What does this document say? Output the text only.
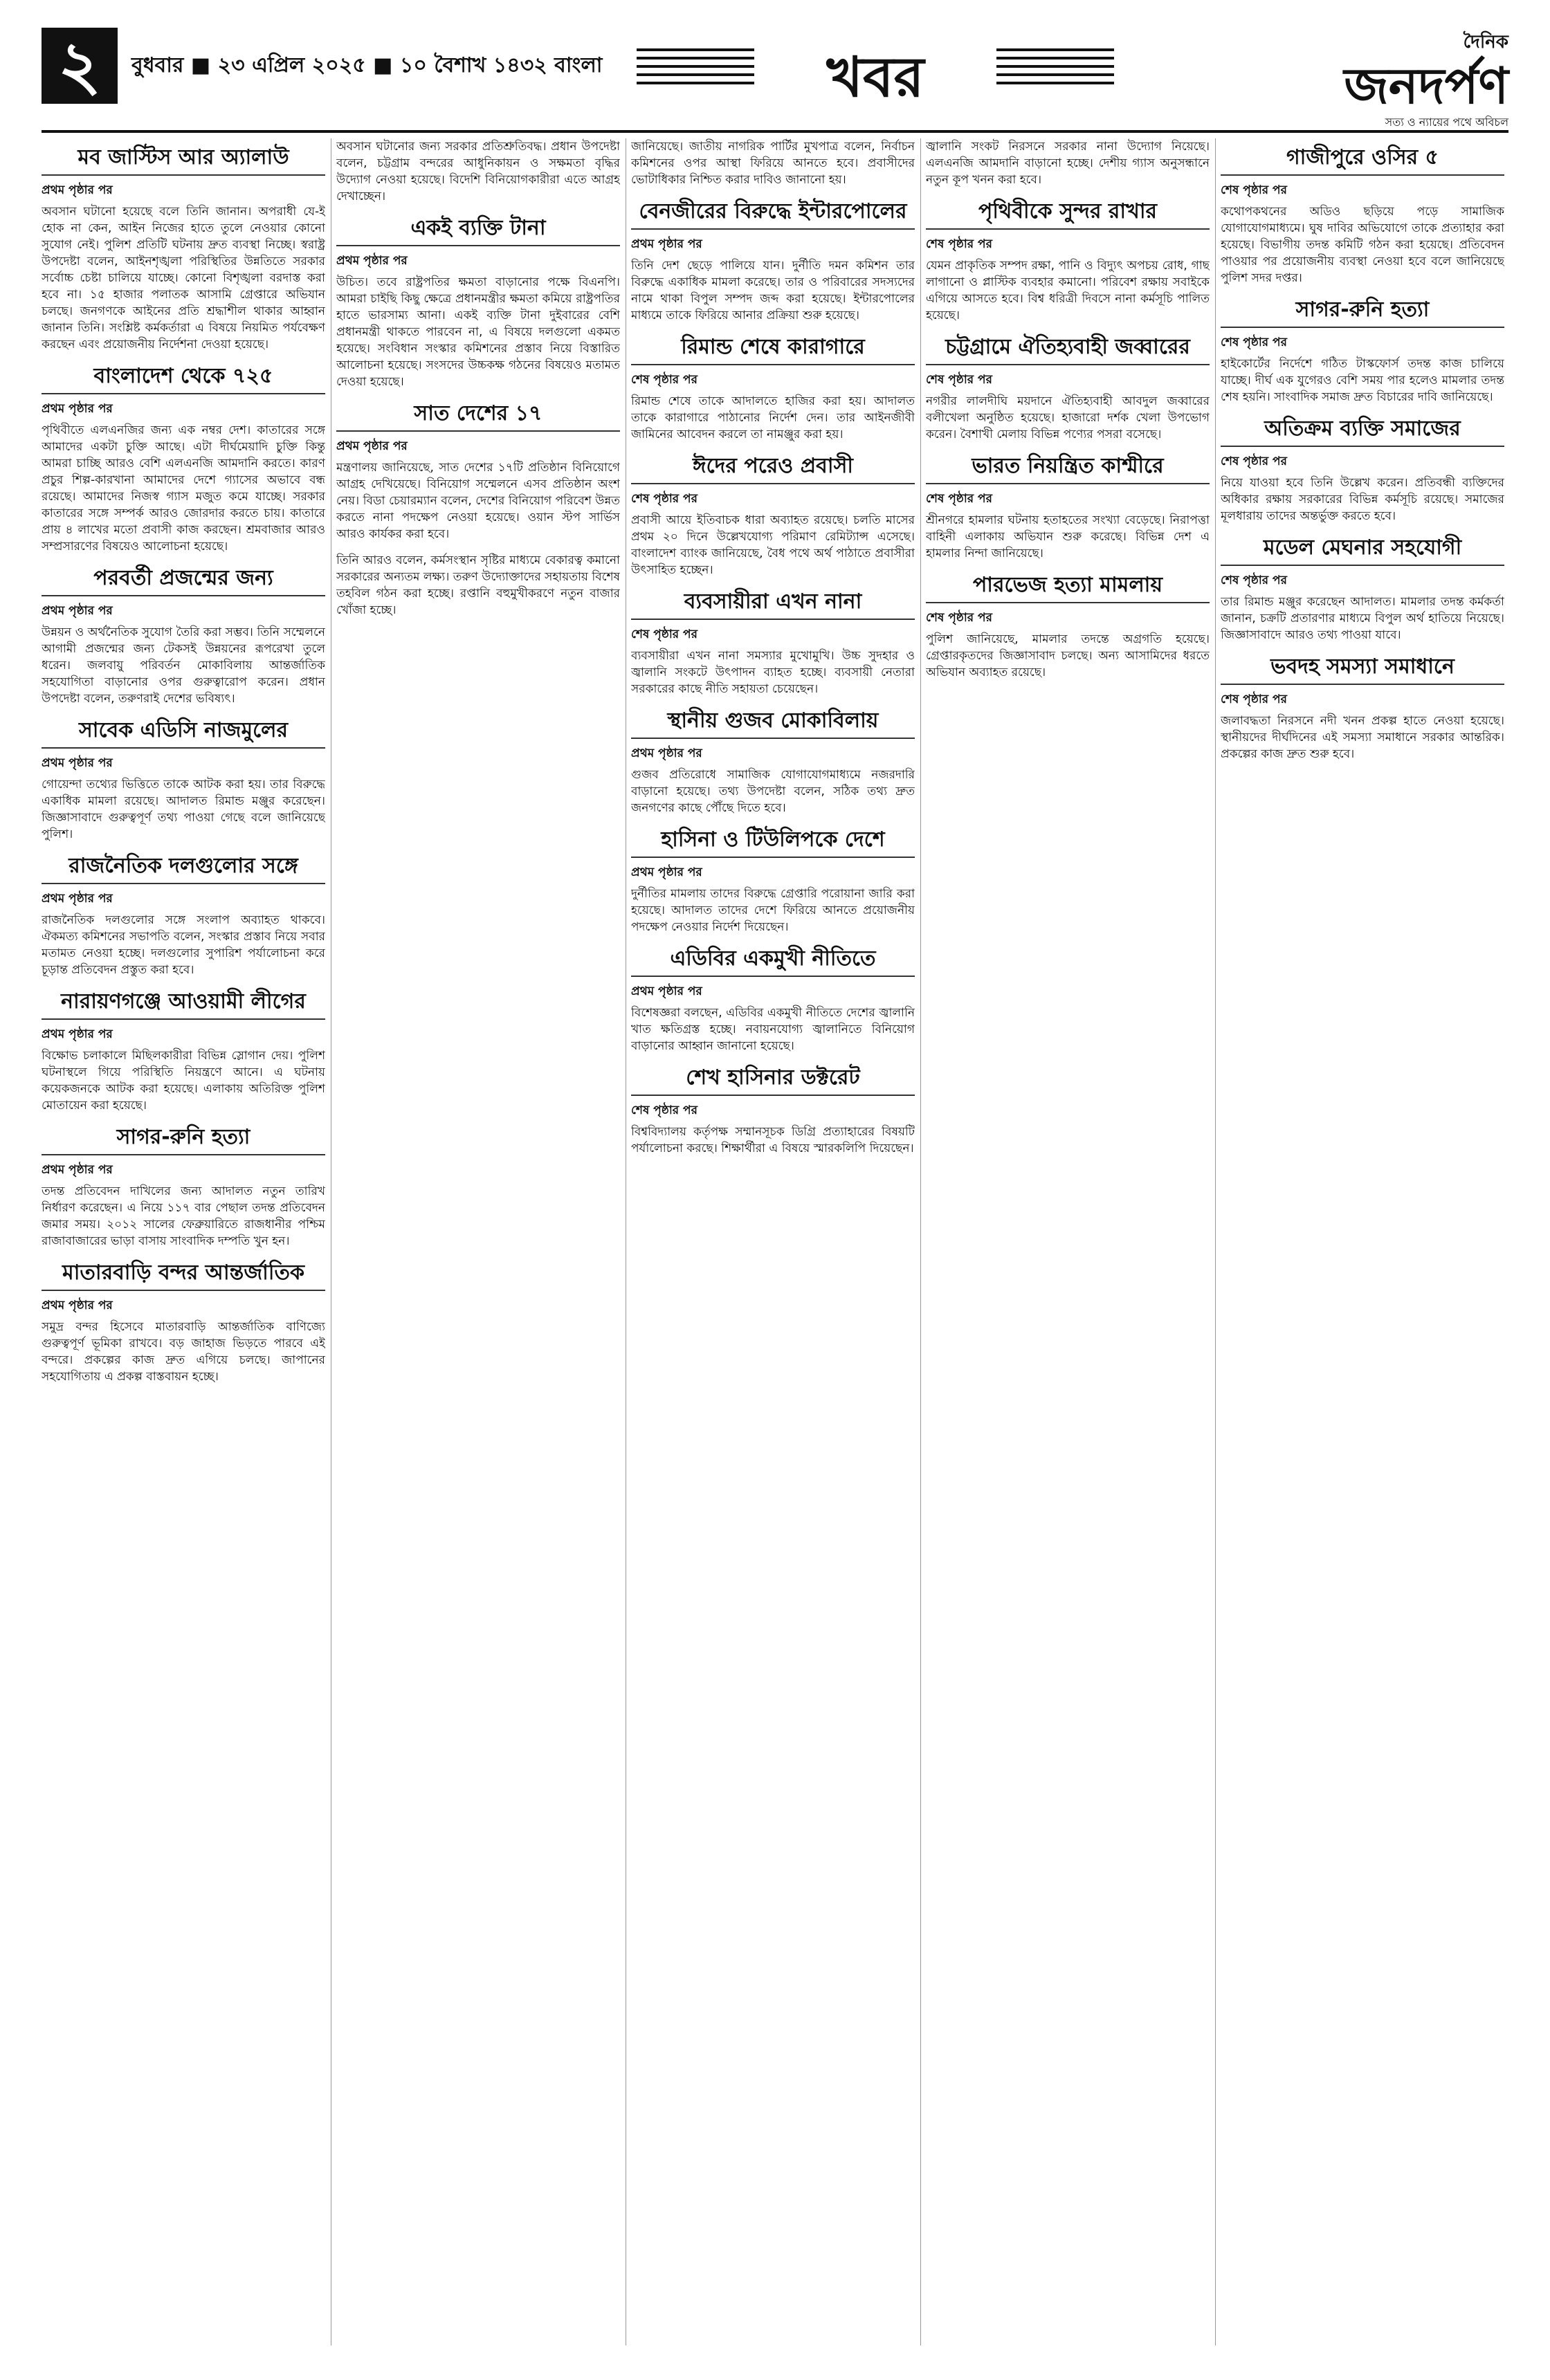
২	বুধবার ■ ২৩ এপ্রিল ২০২৫ ■ ১০ বৈশাখ ১৪৩২ বাংলা	খবর
দৈনিক
জনদর্পণ
সত্য ও ন্যায়ের পথে অবিচল
মব জাস্টিস আর অ্যালাউ
প্রথম পৃষ্ঠার পর
অবসান ঘটানো হয়েছে বলে তিনি জানান। অপরাধী যে-ই হোক না কেন, আইন নিজের হাতে তুলে নেওয়ার কোনো সুযোগ নেই। পুলিশ প্রতিটি ঘটনায় দ্রুত ব্যবস্থা নিচ্ছে। স্বরাষ্ট্র উপদেষ্টা বলেন, আইনশৃঙ্খলা পরিস্থিতির উন্নতিতে সরকার সর্বোচ্চ চেষ্টা চালিয়ে যাচ্ছে। কোনো বিশৃঙ্খলা বরদাস্ত করা হবে না। ১৫ হাজার পলাতক আসামি গ্রেপ্তারে অভিযান চলছে। জনগণকে আইনের প্রতি শ্রদ্ধাশীল থাকার আহ্বান জানান তিনি। সংশ্লিষ্ট কর্মকর্তারা এ বিষয়ে নিয়মিত পর্যবেক্ষণ করছেন এবং প্রয়োজনীয় নির্দেশনা দেওয়া হয়েছে।
বাংলাদেশ থেকে ৭২৫
প্রথম পৃষ্ঠার পর
পৃথিবীতে এলএনজির জন্য এক নম্বর দেশ। কাতারের সঙ্গে আমাদের একটা চুক্তি আছে। এটা দীর্ঘমেয়াদি চুক্তি কিন্তু আমরা চাচ্ছি আরও বেশি এলএনজি আমদানি করতে। কারণ প্রচুর শিল্প-কারখানা আমাদের দেশে গ্যাসের অভাবে বন্ধ রয়েছে। আমাদের নিজস্ব গ্যাস মজুত কমে যাচ্ছে। সরকার কাতারের সঙ্গে সম্পর্ক আরও জোরদার করতে চায়। কাতারে প্রায় ৪ লাখের মতো প্রবাসী কাজ করছেন। শ্রমবাজার আরও সম্প্রসারণের বিষয়েও আলোচনা হয়েছে।
পরবর্তী প্রজন্মের জন্য
প্রথম পৃষ্ঠার পর
উন্নয়ন ও অর্থনৈতিক সুযোগ তৈরি করা সম্ভব। তিনি সম্মেলনে আগামী প্রজন্মের জন্য টেকসই উন্নয়নের রূপরেখা তুলে ধরেন। জলবায়ু পরিবর্তন মোকাবিলায় আন্তর্জাতিক সহযোগিতা বাড়ানোর ওপর গুরুত্বারোপ করেন। প্রধান উপদেষ্টা বলেন, তরুণরাই দেশের ভবিষ্যৎ।
সাবেক এডিসি নাজমুলের
প্রথম পৃষ্ঠার পর
গোয়েন্দা তথ্যের ভিত্তিতে তাকে আটক করা হয়। তার বিরুদ্ধে একাধিক মামলা রয়েছে। আদালত রিমান্ড মঞ্জুর করেছেন। জিজ্ঞাসাবাদে গুরুত্বপূর্ণ তথ্য পাওয়া গেছে বলে জানিয়েছে পুলিশ।
রাজনৈতিক দলগুলোর সঙ্গে
প্রথম পৃষ্ঠার পর
রাজনৈতিক দলগুলোর সঙ্গে সংলাপ অব্যাহত থাকবে। ঐকমত্য কমিশনের সভাপতি বলেন, সংস্কার প্রস্তাব নিয়ে সবার মতামত নেওয়া হচ্ছে। দলগুলোর সুপারিশ পর্যালোচনা করে চূড়ান্ত প্রতিবেদন প্রস্তুত করা হবে।
নারায়ণগঞ্জে আওয়ামী লীগের
প্রথম পৃষ্ঠার পর
বিক্ষোভ চলাকালে মিছিলকারীরা বিভিন্ন স্লোগান দেয়। পুলিশ ঘটনাস্থলে গিয়ে পরিস্থিতি নিয়ন্ত্রণে আনে। এ ঘটনায় কয়েকজনকে আটক করা হয়েছে। এলাকায় অতিরিক্ত পুলিশ মোতায়েন করা হয়েছে।
সাগর-রুনি হত্যা
প্রথম পৃষ্ঠার পর
তদন্ত প্রতিবেদন দাখিলের জন্য আদালত নতুন তারিখ নির্ধারণ করেছেন। এ নিয়ে ১১৭ বার পেছাল তদন্ত প্রতিবেদন জমার সময়। ২০১২ সালের ফেব্রুয়ারিতে রাজধানীর পশ্চিম রাজাবাজারের ভাড়া বাসায় সাংবাদিক দম্পতি খুন হন।
মাতারবাড়ি বন্দর আন্তর্জাতিক
প্রথম পৃষ্ঠার পর
সমুদ্র বন্দর হিসেবে মাতারবাড়ি আন্তর্জাতিক বাণিজ্যে গুরুত্বপূর্ণ ভূমিকা রাখবে। বড় জাহাজ ভিড়তে পারবে এই বন্দরে। প্রকল্পের কাজ দ্রুত এগিয়ে চলছে। জাপানের সহযোগিতায় এ প্রকল্প বাস্তবায়ন হচ্ছে।
অবসান ঘটানোর জন্য সরকার প্রতিশ্রুতিবদ্ধ। প্রধান উপদেষ্টা বলেন, চট্টগ্রাম বন্দরের আধুনিকায়ন ও সক্ষমতা বৃদ্ধির উদ্যোগ নেওয়া হয়েছে। বিদেশি বিনিয়োগকারীরা এতে আগ্রহ দেখাচ্ছেন।
একই ব্যক্তি টানা
প্রথম পৃষ্ঠার পর
উচিত। তবে রাষ্ট্রপতির ক্ষমতা বাড়ানোর পক্ষে বিএনপি। আমরা চাইছি কিছু ক্ষেত্রে প্রধানমন্ত্রীর ক্ষমতা কমিয়ে রাষ্ট্রপতির হাতে ভারসাম্য আনা। একই ব্যক্তি টানা দুইবারের বেশি প্রধানমন্ত্রী থাকতে পারবেন না, এ বিষয়ে দলগুলো একমত হয়েছে। সংবিধান সংস্কার কমিশনের প্রস্তাব নিয়ে বিস্তারিত আলোচনা হয়েছে। সংসদের উচ্চকক্ষ গঠনের বিষয়েও মতামত দেওয়া হয়েছে।
সাত দেশের ১৭
প্রথম পৃষ্ঠার পর
মন্ত্রণালয় জানিয়েছে, সাত দেশের ১৭টি প্রতিষ্ঠান বিনিয়োগে আগ্রহ দেখিয়েছে। বিনিয়োগ সম্মেলনে এসব প্রতিষ্ঠান অংশ নেয়। বিডা চেয়ারম্যান বলেন, দেশের বিনিয়োগ পরিবেশ উন্নত করতে নানা পদক্ষেপ নেওয়া হয়েছে। ওয়ান স্টপ সার্ভিস আরও কার্যকর করা হবে।
তিনি আরও বলেন, কর্মসংস্থান সৃষ্টির মাধ্যমে বেকারত্ব কমানো সরকারের অন্যতম লক্ষ্য। তরুণ উদ্যোক্তাদের সহায়তায় বিশেষ তহবিল গঠন করা হচ্ছে। রপ্তানি বহুমুখীকরণে নতুন বাজার খোঁজা হচ্ছে।
জানিয়েছে। জাতীয় নাগরিক পার্টির মুখপাত্র বলেন, নির্বাচন কমিশনের ওপর আস্থা ফিরিয়ে আনতে হবে। প্রবাসীদের ভোটাধিকার নিশ্চিত করার দাবিও জানানো হয়।
বেনজীরের বিরুদ্ধে ইন্টারপোলের
প্রথম পৃষ্ঠার পর
তিনি দেশ ছেড়ে পালিয়ে যান। দুর্নীতি দমন কমিশন তার বিরুদ্ধে একাধিক মামলা করেছে। তার ও পরিবারের সদস্যদের নামে থাকা বিপুল সম্পদ জব্দ করা হয়েছে। ইন্টারপোলের মাধ্যমে তাকে ফিরিয়ে আনার প্রক্রিয়া শুরু হয়েছে।
রিমান্ড শেষে কারাগারে
শেষ পৃষ্ঠার পর
রিমান্ড শেষে তাকে আদালতে হাজির করা হয়। আদালত তাকে কারাগারে পাঠানোর নির্দেশ দেন। তার আইনজীবী জামিনের আবেদন করলে তা নামঞ্জুর করা হয়।
ঈদের পরেও প্রবাসী
শেষ পৃষ্ঠার পর
প্রবাসী আয়ে ইতিবাচক ধারা অব্যাহত রয়েছে। চলতি মাসের প্রথম ২০ দিনে উল্লেখযোগ্য পরিমাণ রেমিট্যান্স এসেছে। বাংলাদেশ ব্যাংক জানিয়েছে, বৈধ পথে অর্থ পাঠাতে প্রবাসীরা উৎসাহিত হচ্ছেন।
ব্যবসায়ীরা এখন নানা
শেষ পৃষ্ঠার পর
ব্যবসায়ীরা এখন নানা সমস্যার মুখোমুখি। উচ্চ সুদহার ও জ্বালানি সংকটে উৎপাদন ব্যাহত হচ্ছে। ব্যবসায়ী নেতারা সরকারের কাছে নীতি সহায়তা চেয়েছেন।
স্থানীয় গুজব মোকাবিলায়
প্রথম পৃষ্ঠার পর
গুজব প্রতিরোধে সামাজিক যোগাযোগমাধ্যমে নজরদারি বাড়ানো হয়েছে। তথ্য উপদেষ্টা বলেন, সঠিক তথ্য দ্রুত জনগণের কাছে পৌঁছে দিতে হবে।
হাসিনা ও টিউলিপকে দেশে
প্রথম পৃষ্ঠার পর
দুর্নীতির মামলায় তাদের বিরুদ্ধে গ্রেপ্তারি পরোয়ানা জারি করা হয়েছে। আদালত তাদের দেশে ফিরিয়ে আনতে প্রয়োজনীয় পদক্ষেপ নেওয়ার নির্দেশ দিয়েছেন।
এডিবির একমুখী নীতিতে
প্রথম পৃষ্ঠার পর
বিশেষজ্ঞরা বলছেন, এডিবির একমুখী নীতিতে দেশের জ্বালানি খাত ক্ষতিগ্রস্ত হচ্ছে। নবায়নযোগ্য জ্বালানিতে বিনিয়োগ বাড়ানোর আহ্বান জানানো হয়েছে।
শেখ হাসিনার ডক্টরেট
শেষ পৃষ্ঠার পর
বিশ্ববিদ্যালয় কর্তৃপক্ষ সম্মানসূচক ডিগ্রি প্রত্যাহারের বিষয়টি পর্যালোচনা করছে। শিক্ষার্থীরা এ বিষয়ে স্মারকলিপি দিয়েছেন।
জ্বালানি সংকট নিরসনে সরকার নানা উদ্যোগ নিয়েছে। এলএনজি আমদানি বাড়ানো হচ্ছে। দেশীয় গ্যাস অনুসন্ধানে নতুন কূপ খনন করা হবে।
পৃথিবীকে সুন্দর রাখার
শেষ পৃষ্ঠার পর
যেমন প্রাকৃতিক সম্পদ রক্ষা, পানি ও বিদ্যুৎ অপচয় রোধ, গাছ লাগানো ও প্লাস্টিক ব্যবহার কমানো। পরিবেশ রক্ষায় সবাইকে এগিয়ে আসতে হবে। বিশ্ব ধরিত্রী দিবসে নানা কর্মসূচি পালিত হয়েছে।
চট্টগ্রামে ঐতিহ্যবাহী জব্বারের
শেষ পৃষ্ঠার পর
নগরীর লালদীঘি ময়দানে ঐতিহ্যবাহী আবদুল জব্বারের বলীখেলা অনুষ্ঠিত হয়েছে। হাজারো দর্শক খেলা উপভোগ করেন। বৈশাখী মেলায় বিভিন্ন পণ্যের পসরা বসেছে।
ভারত নিয়ন্ত্রিত কাশ্মীরে
শেষ পৃষ্ঠার পর
শ্রীনগরে হামলার ঘটনায় হতাহতের সংখ্যা বেড়েছে। নিরাপত্তা বাহিনী এলাকায় অভিযান শুরু করেছে। বিভিন্ন দেশ এ হামলার নিন্দা জানিয়েছে।
পারভেজ হত্যা মামলায়
শেষ পৃষ্ঠার পর
পুলিশ জানিয়েছে, মামলার তদন্তে অগ্রগতি হয়েছে। গ্রেপ্তারকৃতদের জিজ্ঞাসাবাদ চলছে। অন্য আসামিদের ধরতে অভিযান অব্যাহত রয়েছে।
গাজীপুরে ওসির ৫
শেষ পৃষ্ঠার পর
কথোপকথনের অডিও ছড়িয়ে পড়ে সামাজিক যোগাযোগমাধ্যমে। ঘুষ দাবির অভিযোগে তাকে প্রত্যাহার করা হয়েছে। বিভাগীয় তদন্ত কমিটি গঠন করা হয়েছে। প্রতিবেদন পাওয়ার পর প্রয়োজনীয় ব্যবস্থা নেওয়া হবে বলে জানিয়েছে পুলিশ সদর দপ্তর।
সাগর-রুনি হত্যা
শেষ পৃষ্ঠার পর
হাইকোর্টের নির্দেশে গঠিত টাস্কফোর্স তদন্ত কাজ চালিয়ে যাচ্ছে। দীর্ঘ এক যুগেরও বেশি সময় পার হলেও মামলার তদন্ত শেষ হয়নি। সাংবাদিক সমাজ দ্রুত বিচারের দাবি জানিয়েছে।
অতিক্রম ব্যক্তি সমাজের
শেষ পৃষ্ঠার পর
নিয়ে যাওয়া হবে তিনি উল্লেখ করেন। প্রতিবন্ধী ব্যক্তিদের অধিকার রক্ষায় সরকারের বিভিন্ন কর্মসূচি রয়েছে। সমাজের মূলধারায় তাদের অন্তর্ভুক্ত করতে হবে।
মডেল মেঘনার সহযোগী
শেষ পৃষ্ঠার পর
তার রিমান্ড মঞ্জুর করেছেন আদালত। মামলার তদন্ত কর্মকর্তা জানান, চক্রটি প্রতারণার মাধ্যমে বিপুল অর্থ হাতিয়ে নিয়েছে। জিজ্ঞাসাবাদে আরও তথ্য পাওয়া যাবে।
ভবদহ সমস্যা সমাধানে
শেষ পৃষ্ঠার পর
জলাবদ্ধতা নিরসনে নদী খনন প্রকল্প হাতে নেওয়া হয়েছে। স্থানীয়দের দীর্ঘদিনের এই সমস্যা সমাধানে সরকার আন্তরিক। প্রকল্পের কাজ দ্রুত শুরু হবে।
